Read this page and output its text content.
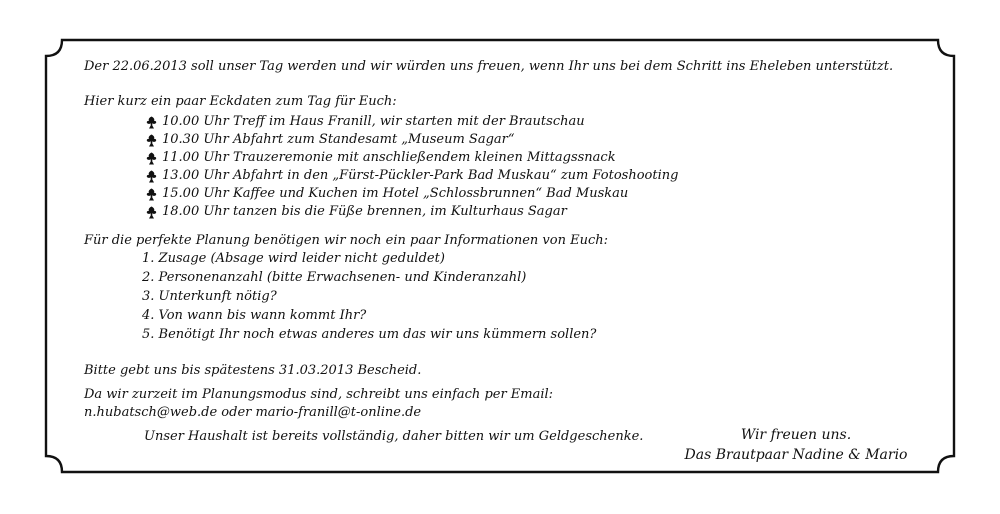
Der 22.06.2013 soll unser Tag werden und wir würden uns freuen, wenn Ihr uns bei dem Schritt ins Eheleben unterstützt.
Hier kurz ein paar Eckdaten zum Tag für Euch:
10.00 Uhr Treff im Haus Franill, wir starten mit der Brautschau
10.30 Uhr Abfahrt zum Standesamt „Museum Sagar“
11.00 Uhr Trauzeremonie mit anschließendem kleinen Mittagssnack
13.00 Uhr Abfahrt in den „Fürst-Pückler-Park Bad Muskau“ zum Fotoshooting
15.00 Uhr Kaffee und Kuchen im Hotel „Schlossbrunnen“ Bad Muskau
18.00 Uhr tanzen bis die Füße brennen, im Kulturhaus Sagar
Für die perfekte Planung benötigen wir noch ein paar Informationen von Euch:
1. Zusage (Absage wird leider nicht geduldet)
2. Personenanzahl (bitte Erwachsenen- und Kinderanzahl)
3. Unterkunft nötig?
4. Von wann bis wann kommt Ihr?
5. Benötigt Ihr noch etwas anderes um das wir uns kümmern sollen?
Bitte gebt uns bis spätestens 31.03.2013 Bescheid.
Da wir zurzeit im Planungsmodus sind, schreibt uns einfach per Email:
n.hubatsch@web.de oder mario-franill@t-online.de
Unser Haushalt ist bereits vollständig, daher bitten wir um Geldgeschenke.	Wir freuen uns.
Das Brautpaar Nadine & Mario
